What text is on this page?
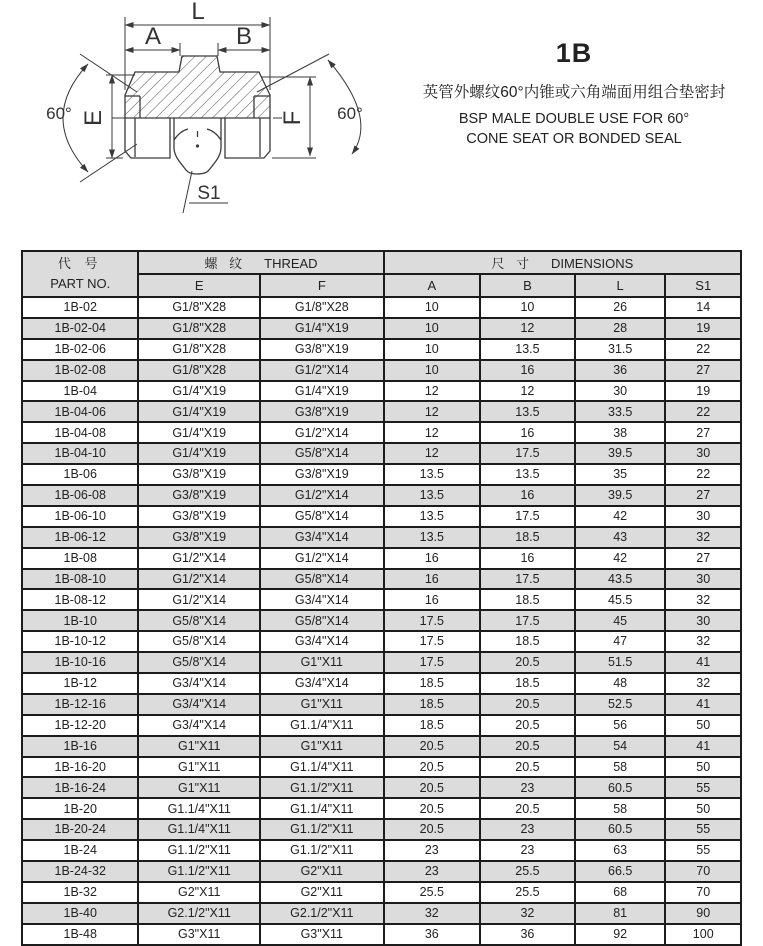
L
A	B
E	F
60°	60°
S1
1B
英管外螺纹60°内锥或六角端面用组合垫密封
BSP MALE DOUBLE USE FOR 60°
CONE SEAT OR BONDED SEAL
代 号
PART NO.	螺 纹 THREAD		尺 寸 DIMENSIONS			
	E	F	A	B	L	S1
1B-02	G1/8"X28	G1/8"X28	10	10	26	14
1B-02-04	G1/8"X28	G1/4"X19	10	12	28	19
1B-02-06	G1/8"X28	G3/8"X19	10	13.5	31.5	22
1B-02-08	G1/8"X28	G1/2"X14	10	16	36	27
1B-04	G1/4"X19	G1/4"X19	12	12	30	19
1B-04-06	G1/4"X19	G3/8"X19	12	13.5	33.5	22
1B-04-08	G1/4"X19	G1/2"X14	12	16	38	27
1B-04-10	G1/4"X19	G5/8"X14	12	17.5	39.5	30
1B-06	G3/8"X19	G3/8"X19	13.5	13.5	35	22
1B-06-08	G3/8"X19	G1/2"X14	13.5	16	39.5	27
1B-06-10	G3/8"X19	G5/8"X14	13.5	17.5	42	30
1B-06-12	G3/8"X19	G3/4"X14	13.5	18.5	43	32
1B-08	G1/2"X14	G1/2"X14	16	16	42	27
1B-08-10	G1/2"X14	G5/8"X14	16	17.5	43.5	30
1B-08-12	G1/2"X14	G3/4"X14	16	18.5	45.5	32
1B-10	G5/8"X14	G5/8"X14	17.5	17.5	45	30
1B-10-12	G5/8"X14	G3/4"X14	17.5	18.5	47	32
1B-10-16	G5/8"X14	G1"X11	17.5	20.5	51.5	41
1B-12	G3/4"X14	G3/4"X14	18.5	18.5	48	32
1B-12-16	G3/4"X14	G1"X11	18.5	20.5	52.5	41
1B-12-20	G3/4"X14	G1.1/4"X11	18.5	20.5	56	50
1B-16	G1"X11	G1"X11	20.5	20.5	54	41
1B-16-20	G1"X11	G1.1/4"X11	20.5	20.5	58	50
1B-16-24	G1"X11	G1.1/2"X11	20.5	23	60.5	55
1B-20	G1.1/4"X11	G1.1/4"X11	20.5	20.5	58	50
1B-20-24	G1.1/4"X11	G1.1/2"X11	20.5	23	60.5	55
1B-24	G1.1/2"X11	G1.1/2"X11	23	23	63	55
1B-24-32	G1.1/2"X11	G2"X11	23	25.5	66.5	70
1B-32	G2"X11	G2"X11	25.5	25.5	68	70
1B-40	G2.1/2"X11	G2.1/2"X11	32	32	81	90
1B-48	G3"X11	G3"X11	36	36	92	100
